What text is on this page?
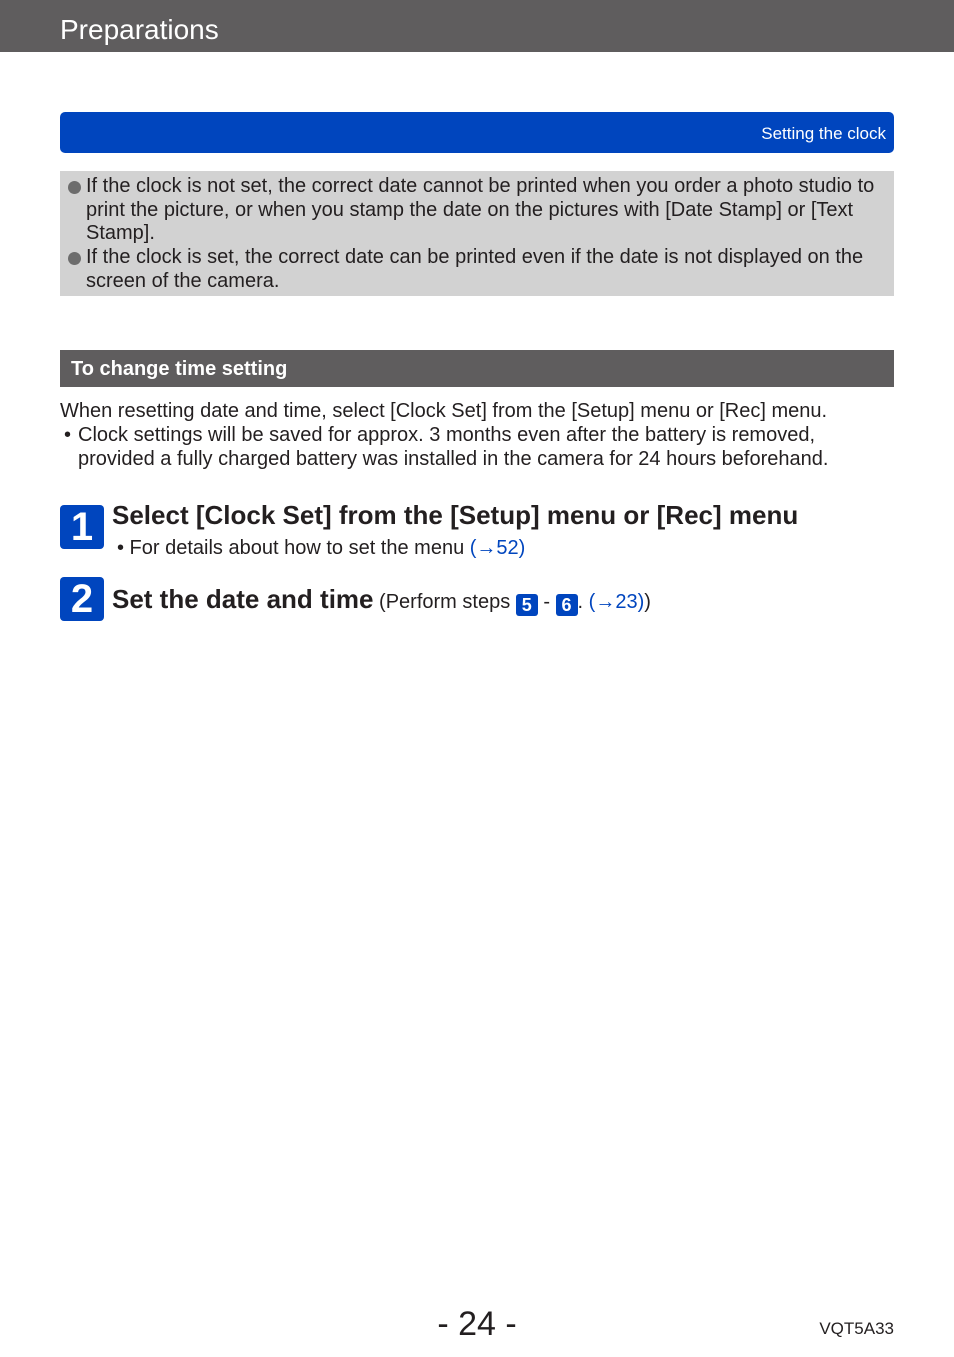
Preparations
Setting the clock
If the clock is not set, the correct date cannot be printed when you order a photo studio to print the picture, or when you stamp the date on the pictures with [Date Stamp] or [Text Stamp].
If the clock is set, the correct date can be printed even if the date is not displayed on the screen of the camera.
To change time setting
When resetting date and time, select [Clock Set] from the [Setup] menu or [Rec] menu.
• Clock settings will be saved for approx. 3 months even after the battery is removed, provided a fully charged battery was installed in the camera for 24 hours beforehand.
1 Select [Clock Set] from the [Setup] menu or [Rec] menu
• For details about how to set the menu (→52)
2 Set the date and time (Perform steps 5 - 6 . (→23))
- 24 -	VQT5A33
